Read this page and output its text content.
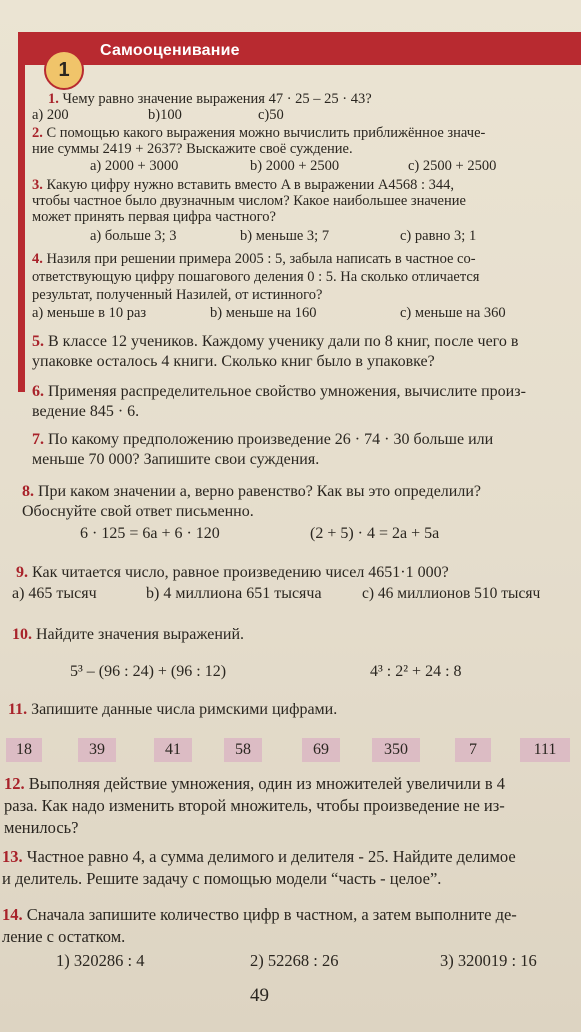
Самооценивание
1
1. Чему равно значение выражения 47 · 25 – 25 · 43?
a) 200	b)100	c)50
2. С помощью какого выражения можно вычислить приближённое значе-
ние суммы 2419 + 2637? Выскажите своё суждение.
a) 2000 + 3000	b) 2000 + 2500	c) 2500 + 2500
3. Какую цифру нужно вставить вместо A в выражении A4568 : 344,
чтобы частное было двузначным числом? Какое наибольшее значение
может принять первая цифра частного?
a) больше 3; 3	b) меньше 3; 7	c) равно 3; 1
4. Назиля при решении примера 2005 : 5, забыла написать в частное со-
ответствующую цифру пошагового деления 0 : 5. На сколько отличается
результат, полученный Назилей, от истинного?
a) меньше в 10 раз	b) меньше на 160	c) меньше на 360
5. В классе 12 учеников. Каждому ученику дали по 8 книг, после чего в
упаковке осталось 4 книги. Сколько книг было в упаковке?
6. Применяя распределительное свойство умножения, вычислите произ-
ведение 845 · 6.
7. По какому предположению произведение 26 · 74 · 30 больше или
меньше 70 000? Запишите свои суждения.
8. При каком значении a, верно равенство? Как вы это определили?
Обоснуйте свой ответ письменно.
6 · 125 = 6a + 6 · 120	(2 + 5) · 4 = 2a + 5a
9. Как читается число, равное произведению чисел 4651·1 000?
a) 465 тысяч	b) 4 миллиона 651 тысяча	c) 46 миллионов 510 тысяч
10. Найдите значения выражений.
5³ – (96 : 24) + (96 : 12)	4³ : 2² + 24 : 8
11. Запишите данные числа римскими цифрами.
18	39	41	58	69	350	7	111
12. Выполняя действие умножения, один из множителей увеличили в 4
раза. Как надо изменить второй множитель, чтобы произведение не из-
менилось?
13. Частное равно 4, а сумма делимого и делителя - 25. Найдите делимое
и делитель. Решите задачу с помощью модели “часть - целое”.
14. Сначала запишите количество цифр в частном, а затем выполните де-
ление с остатком.
1) 320286 : 4	2) 52268 : 26	3) 320019 : 16
49
